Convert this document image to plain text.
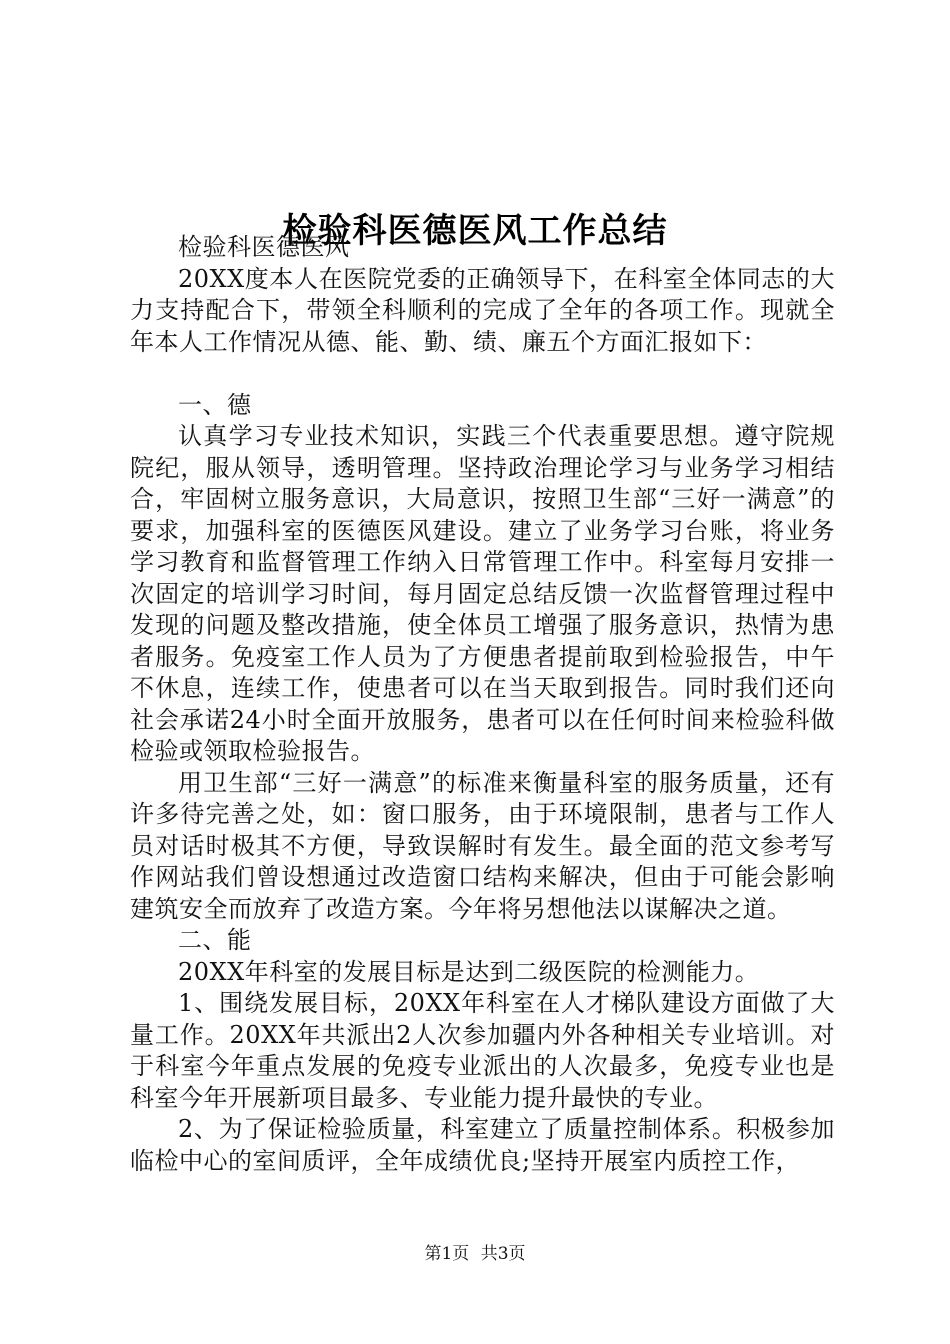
检验科医德医风工作总结

检验科医德医风

20XX度本人在医院党委的正确领导下，在科室全体同志的大力支持配合下，带领全科顺利的完成了全年的各项工作。现就全年本人工作情况从德、能、勤、绩、廉五个方面汇报如下：

一、德

认真学习专业技术知识，实践三个代表重要思想。遵守院规院纪，服从领导，透明管理。坚持政治理论学习与业务学习相结合，牢固树立服务意识，大局意识，按照卫生部“三好一满意”的要求，加强科室的医德医风建设。建立了业务学习台账，将业务学习教育和监督管理工作纳入日常管理工作中。科室每月安排一次固定的培训学习时间，每月固定总结反馈一次监督管理过程中发现的问题及整改措施，使全体员工增强了服务意识，热情为患者服务。免疫室工作人员为了方便患者提前取到检验报告，中午不休息，连续工作，使患者可以在当天取到报告。同时我们还向社会承诺24小时全面开放服务，患者可以在任何时间来检验科做检验或领取检验报告。

用卫生部“三好一满意”的标准来衡量科室的服务质量，还有许多待完善之处，如：窗口服务，由于环境限制，患者与工作人员对话时极其不方便，导致误解时有发生。最全面的范文参考写作网站我们曾设想通过改造窗口结构来解决，但由于可能会影响建筑安全而放弃了改造方案。今年将另想他法以谋解决之道。

二、能

20XX年科室的发展目标是达到二级医院的检测能力。

1、围绕发展目标，20XX年科室在人才梯队建设方面做了大量工作。20XX年共派出2人次参加疆内外各种相关专业培训。对于科室今年重点发展的免疫专业派出的人次最多，免疫专业也是科室今年开展新项目最多、专业能力提升最快的专业。

2、为了保证检验质量，科室建立了质量控制体系。积极参加临检中心的室间质评，全年成绩优良;坚持开展室内质控工作，

第1页 共3页
